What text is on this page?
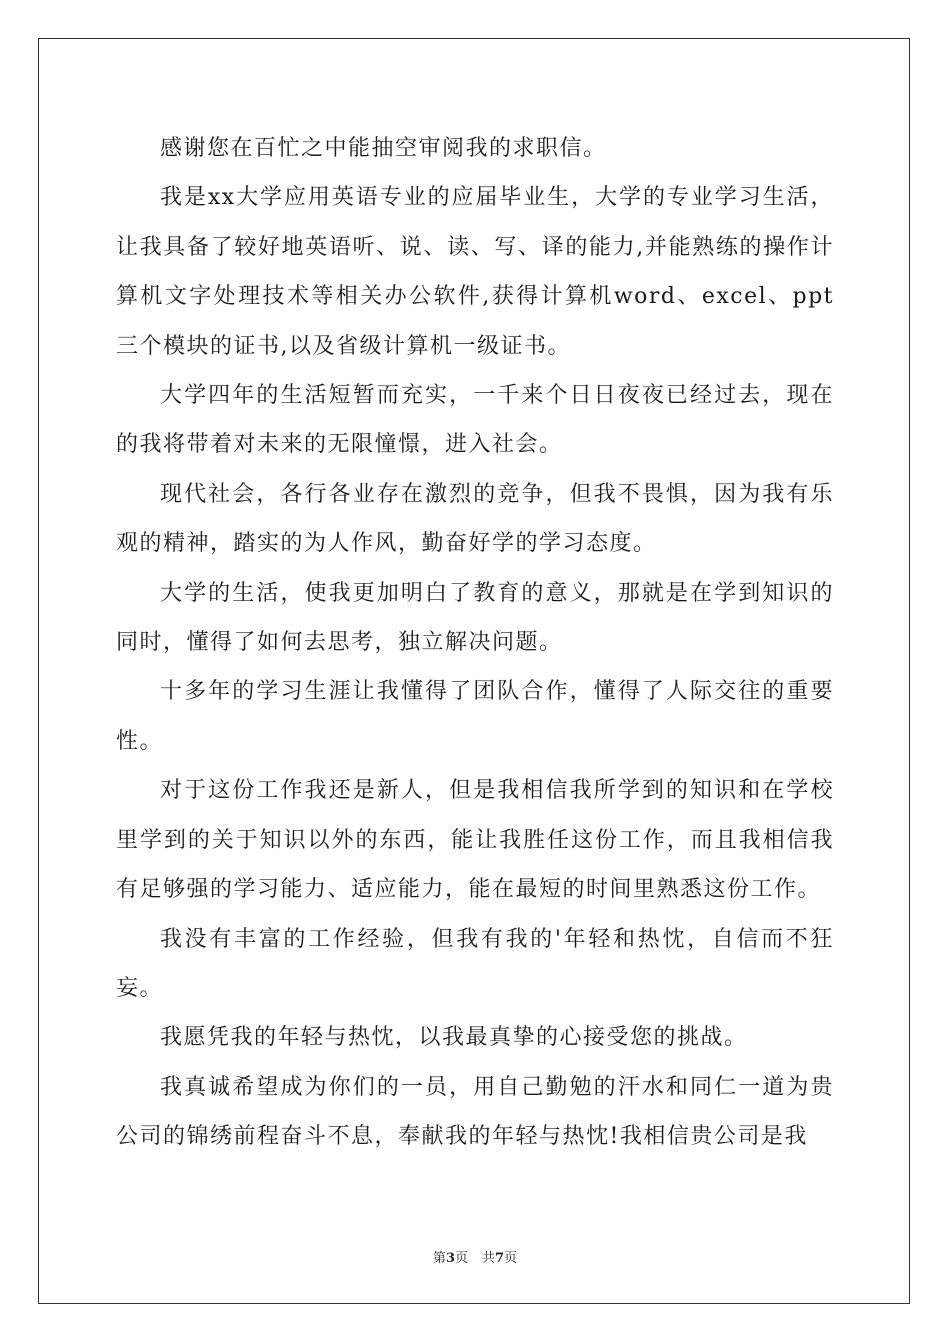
感谢您在百忙之中能抽空审阅我的求职信。

我是xx大学应用英语专业的应届毕业生，大学的专业学习生活，让我具备了较好地英语听、说、读、写、译的能力,并能熟练的操作计算机文字处理技术等相关办公软件,获得计算机word、excel、ppt三个模块的证书,以及省级计算机一级证书。

大学四年的生活短暂而充实，一千来个日日夜夜已经过去，现在的我将带着对未来的无限憧憬，进入社会。

现代社会，各行各业存在激烈的竞争，但我不畏惧，因为我有乐观的精神，踏实的为人作风，勤奋好学的学习态度。

大学的生活，使我更加明白了教育的意义，那就是在学到知识的同时，懂得了如何去思考，独立解决问题。

十多年的学习生涯让我懂得了团队合作，懂得了人际交往的重要性。

对于这份工作我还是新人，但是我相信我所学到的知识和在学校里学到的关于知识以外的东西，能让我胜任这份工作，而且我相信我有足够强的学习能力、适应能力，能在最短的时间里熟悉这份工作。

我没有丰富的工作经验，但我有我的'年轻和热忱，自信而不狂妄。

我愿凭我的年轻与热忱，以我最真挚的心接受您的挑战。

我真诚希望成为你们的一员，用自己勤勉的汗水和同仁一道为贵公司的锦绣前程奋斗不息，奉献我的年轻与热忱!我相信贵公司是我

第3页 共7页
